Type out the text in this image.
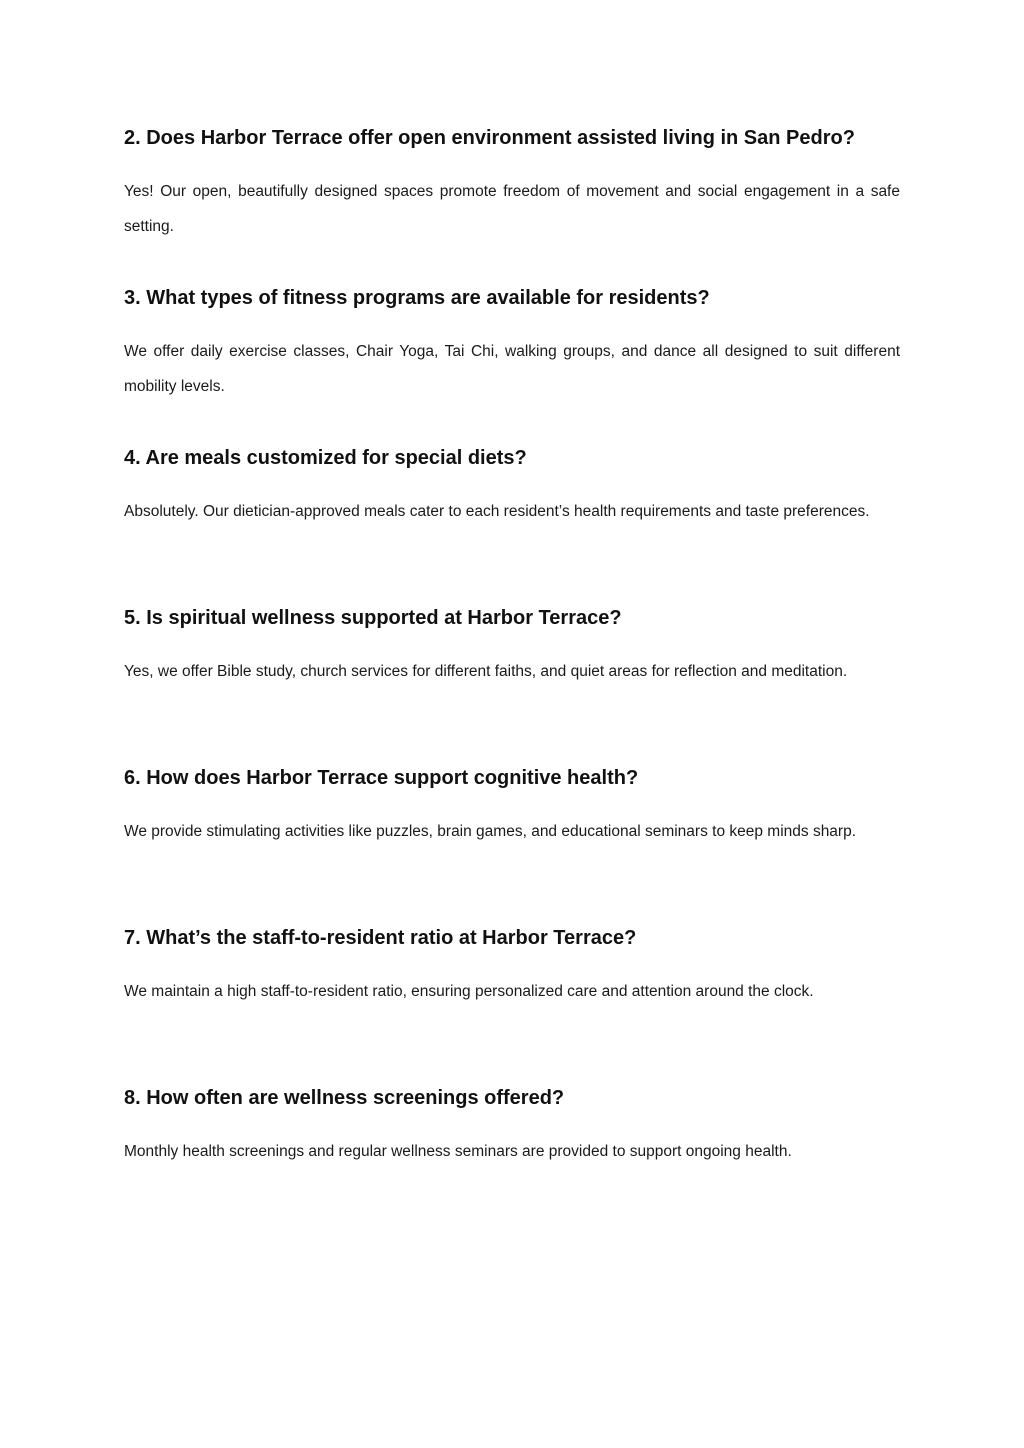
2. Does Harbor Terrace offer open environment assisted living in San Pedro?

Yes! Our open, beautifully designed spaces promote freedom of movement and social engagement in a safe setting.

3. What types of fitness programs are available for residents?

We offer daily exercise classes, Chair Yoga, Tai Chi, walking groups, and dance all designed to suit different mobility levels.

4. Are meals customized for special diets?

Absolutely. Our dietician-approved meals cater to each resident’s health requirements and taste preferences.

5. Is spiritual wellness supported at Harbor Terrace?

Yes, we offer Bible study, church services for different faiths, and quiet areas for reflection and meditation.

6. How does Harbor Terrace support cognitive health?

We provide stimulating activities like puzzles, brain games, and educational seminars to keep minds sharp.

7. What’s the staff-to-resident ratio at Harbor Terrace?

We maintain a high staff-to-resident ratio, ensuring personalized care and attention around the clock.

8. How often are wellness screenings offered?

Monthly health screenings and regular wellness seminars are provided to support ongoing health.
